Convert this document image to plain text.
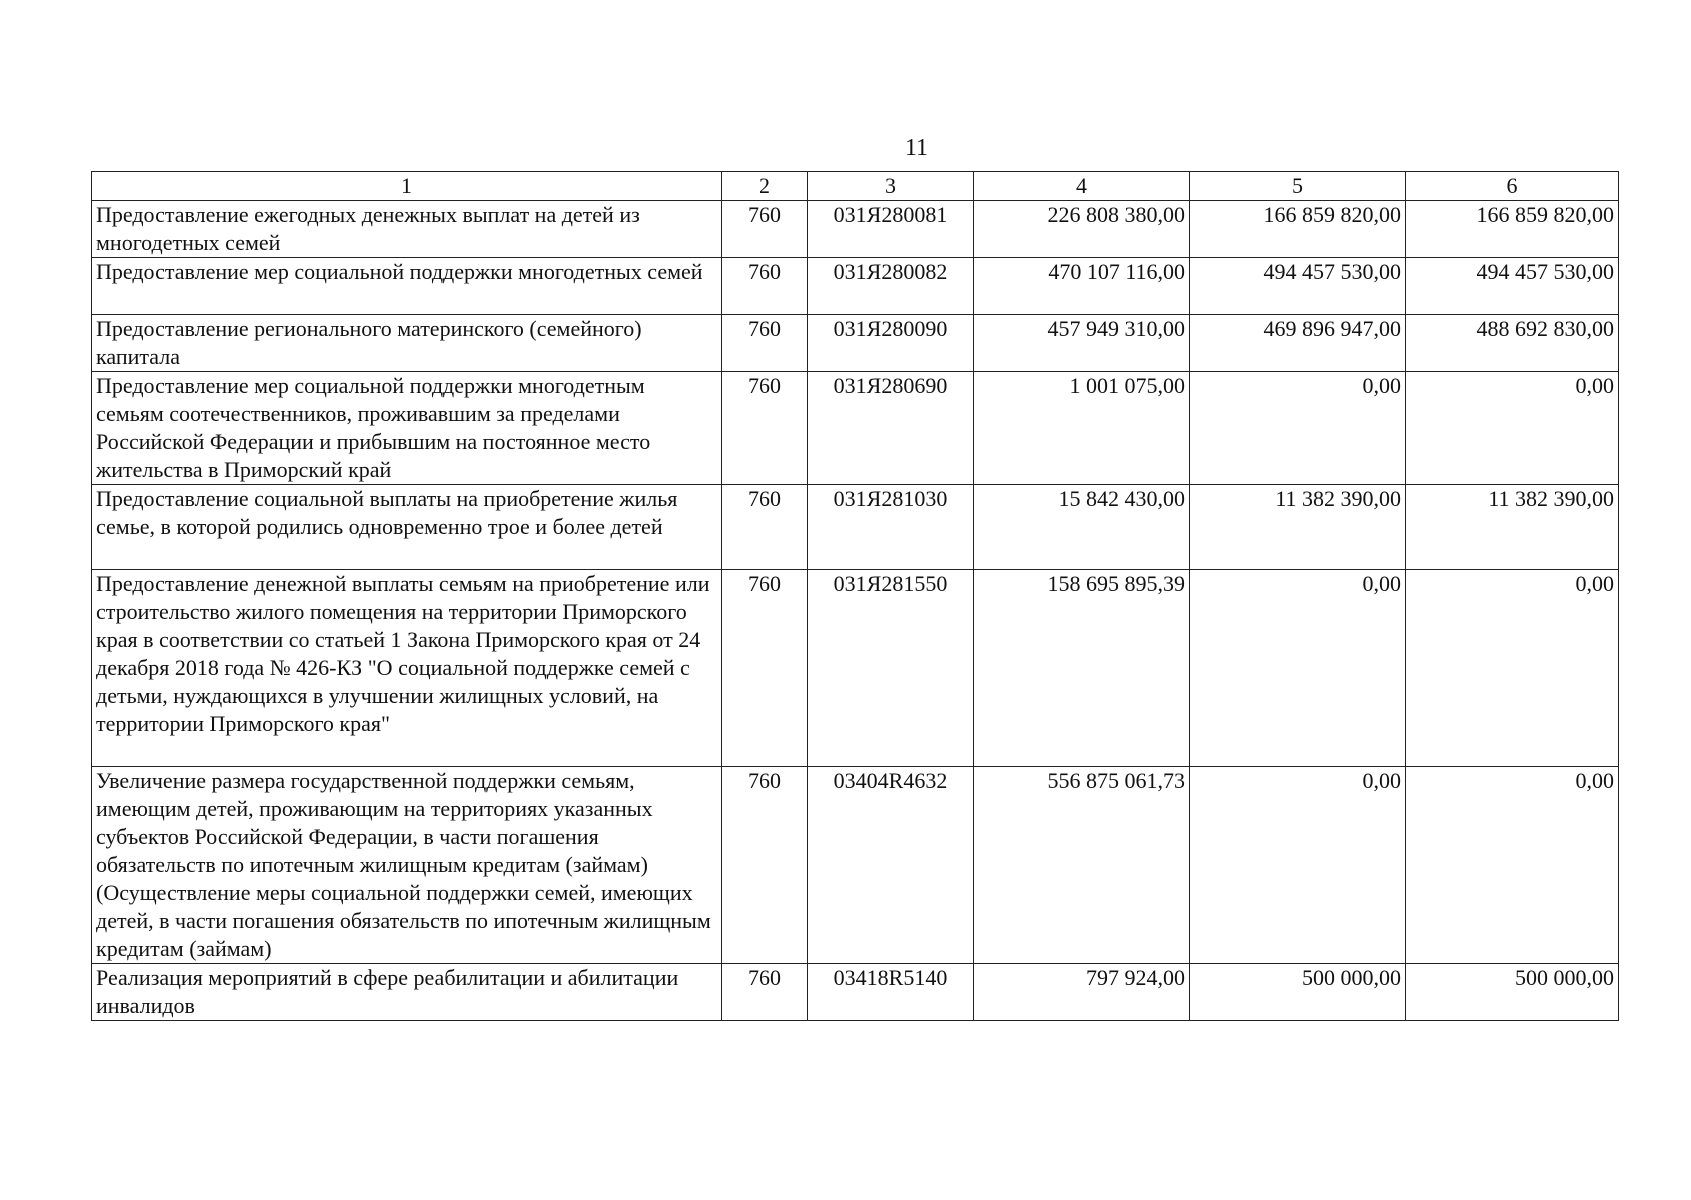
11
1	2	3	4	5	6
Предоставление ежегодных денежных выплат на детей из многодетных семей	760	031Я280081	226 808 380,00	166 859 820,00	166 859 820,00
Предоставление мер социальной поддержки многодетных семей	760	031Я280082	470 107 116,00	494 457 530,00	494 457 530,00
Предоставление регионального материнского (семейного) капитала	760	031Я280090	457 949 310,00	469 896 947,00	488 692 830,00
Предоставление мер социальной поддержки многодетным семьям соотечественников, проживавшим за пределами Российской Федерации и прибывшим на постоянное место жительства в Приморский край	760	031Я280690	1 001 075,00	0,00	0,00
Предоставление социальной выплаты на приобретение жилья семье, в которой родились одновременно трое и более детей	760	031Я281030	15 842 430,00	11 382 390,00	11 382 390,00
Предоставление денежной выплаты семьям на приобретение или строительство жилого помещения на территории Приморского края в соответствии со статьей 1 Закона Приморского края от 24 декабря 2018 года № 426-КЗ "О социальной поддержке семей с детьми, нуждающихся в улучшении жилищных условий, на территории Приморского края"	760	031Я281550	158 695 895,39	0,00	0,00
Увеличение размера государственной поддержки семьям, имеющим детей, проживающим на территориях указанных субъектов Российской Федерации, в части погашения обязательств по ипотечным жилищным кредитам (займам) (Осуществление меры социальной поддержки семей, имеющих детей, в части погашения обязательств по ипотечным жилищным кредитам (займам)	760	03404R4632	556 875 061,73	0,00	0,00
Реализация мероприятий в сфере реабилитации и абилитации инвалидов	760	03418R5140	797 924,00	500 000,00	500 000,00
